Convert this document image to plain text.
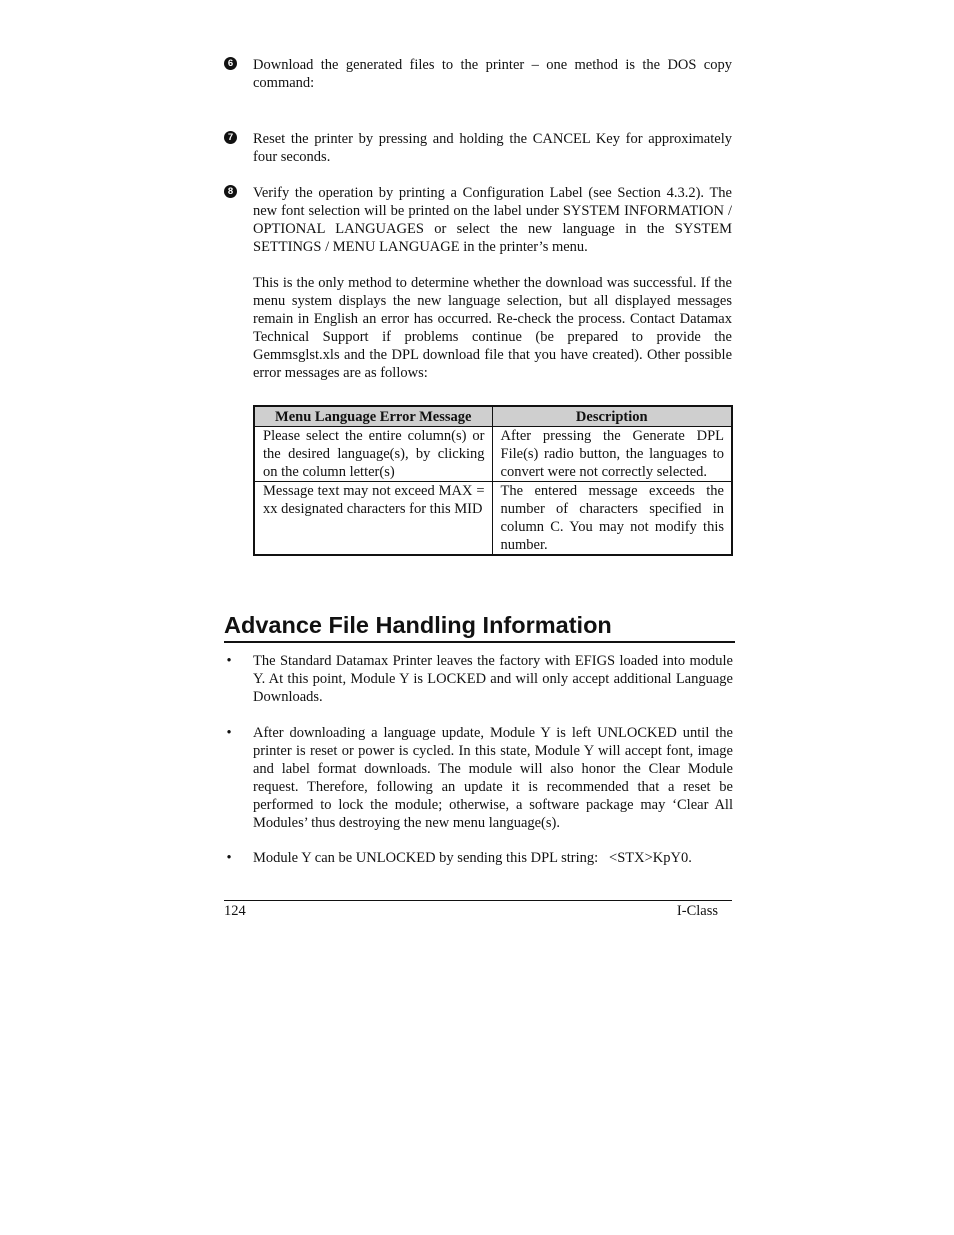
6 Download the generated files to the printer – one method is the DOS copy command:
7 Reset the printer by pressing and holding the CANCEL Key for approximately four seconds.
8 Verify the operation by printing a Configuration Label (see Section 4.3.2). The new font selection will be printed on the label under SYSTEM INFORMATION / OPTIONAL LANGUAGES or select the new language in the SYSTEM SETTINGS / MENU LANGUAGE in the printer’s menu.
This is the only method to determine whether the download was successful. If the menu system displays the new language selection, but all displayed messages remain in English an error has occurred. Re-check the process. Contact Datamax Technical Support if problems continue (be prepared to provide the Gemmsglst.xls and the DPL download file that you have created). Other possible error messages are as follows:
Menu Language Error Message	Description
Please select the entire column(s) or the desired language(s), by clicking on the column letter(s)	After pressing the Generate DPL File(s) radio button, the languages to convert were not correctly selected.
Message text may not exceed MAX = xx designated characters for this MID	The entered message exceeds the number of characters specified in column C. You may not modify this number.
Advance File Handling Information
• The Standard Datamax Printer leaves the factory with EFIGS loaded into module Y. At this point, Module Y is LOCKED and will only accept additional Language Downloads.
• After downloading a language update, Module Y is left UNLOCKED until the printer is reset or power is cycled. In this state, Module Y will accept font, image and label format downloads. The module will also honor the Clear Module request. Therefore, following an update it is recommended that a reset be performed to lock the module; otherwise, a software package may ‘Clear All Modules’ thus destroying the new menu language(s).
• Module Y can be UNLOCKED by sending this DPL string:   <STX>KpY0.
124	I-Class
